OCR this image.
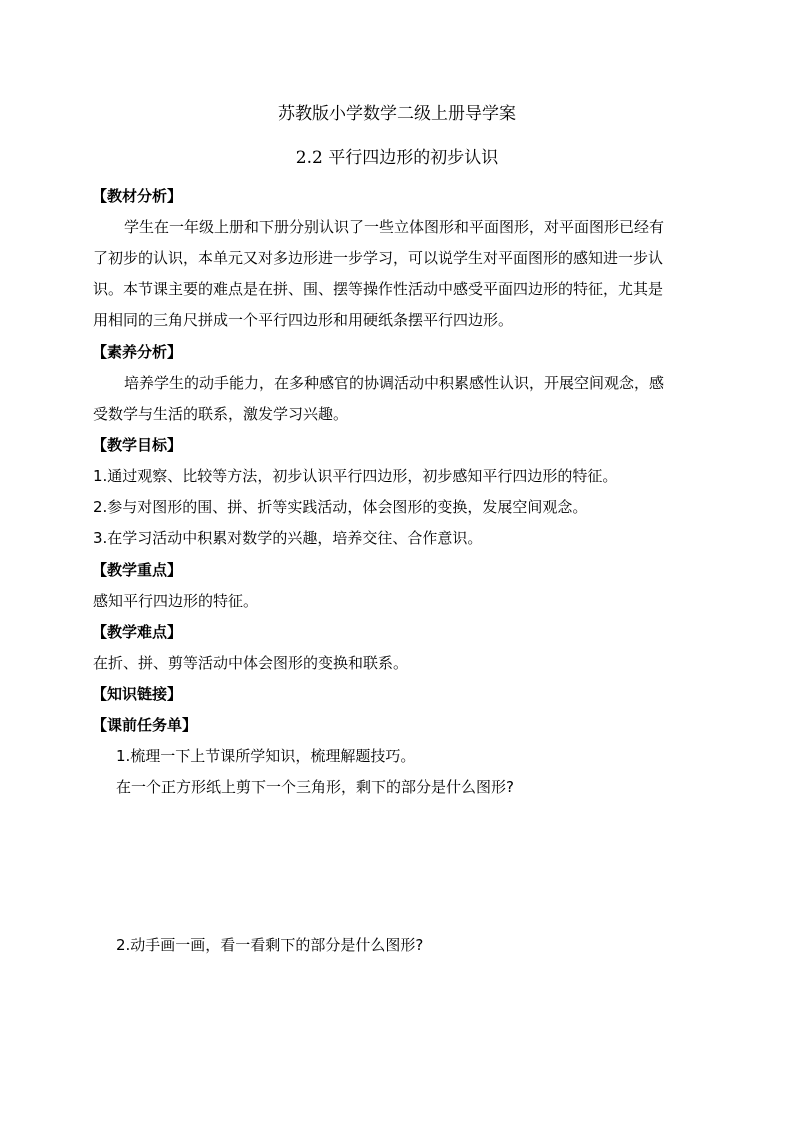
苏教版小学数学二级上册导学案
2.2 平行四边形的初步认识
【教材分析】
学生在一年级上册和下册分别认识了一些立体图形和平面图形，对平面图形已经有
了初步的认识，本单元又对多边形进一步学习，可以说学生对平面图形的感知进一步认
识。本节课主要的难点是在拼、围、摆等操作性活动中感受平面四边形的特征，尤其是
用相同的三角尺拼成一个平行四边形和用硬纸条摆平行四边形。
【素养分析】
培养学生的动手能力，在多种感官的协调活动中积累感性认识，开展空间观念，感
受数学与生活的联系，激发学习兴趣。
【教学目标】
1.通过观察、比较等方法，初步认识平行四边形，初步感知平行四边形的特征。
2.参与对图形的围、拼、折等实践活动，体会图形的变换，发展空间观念。
3.在学习活动中积累对数学的兴趣，培养交往、合作意识。
【教学重点】
感知平行四边形的特征。
【教学难点】
在折、拼、剪等活动中体会图形的变换和联系。
【知识链接】
【课前任务单】
1.梳理一下上节课所学知识，梳理解题技巧。
在一个正方形纸上剪下一个三角形，剩下的部分是什么图形?
2.动手画一画，看一看剩下的部分是什么图形?
